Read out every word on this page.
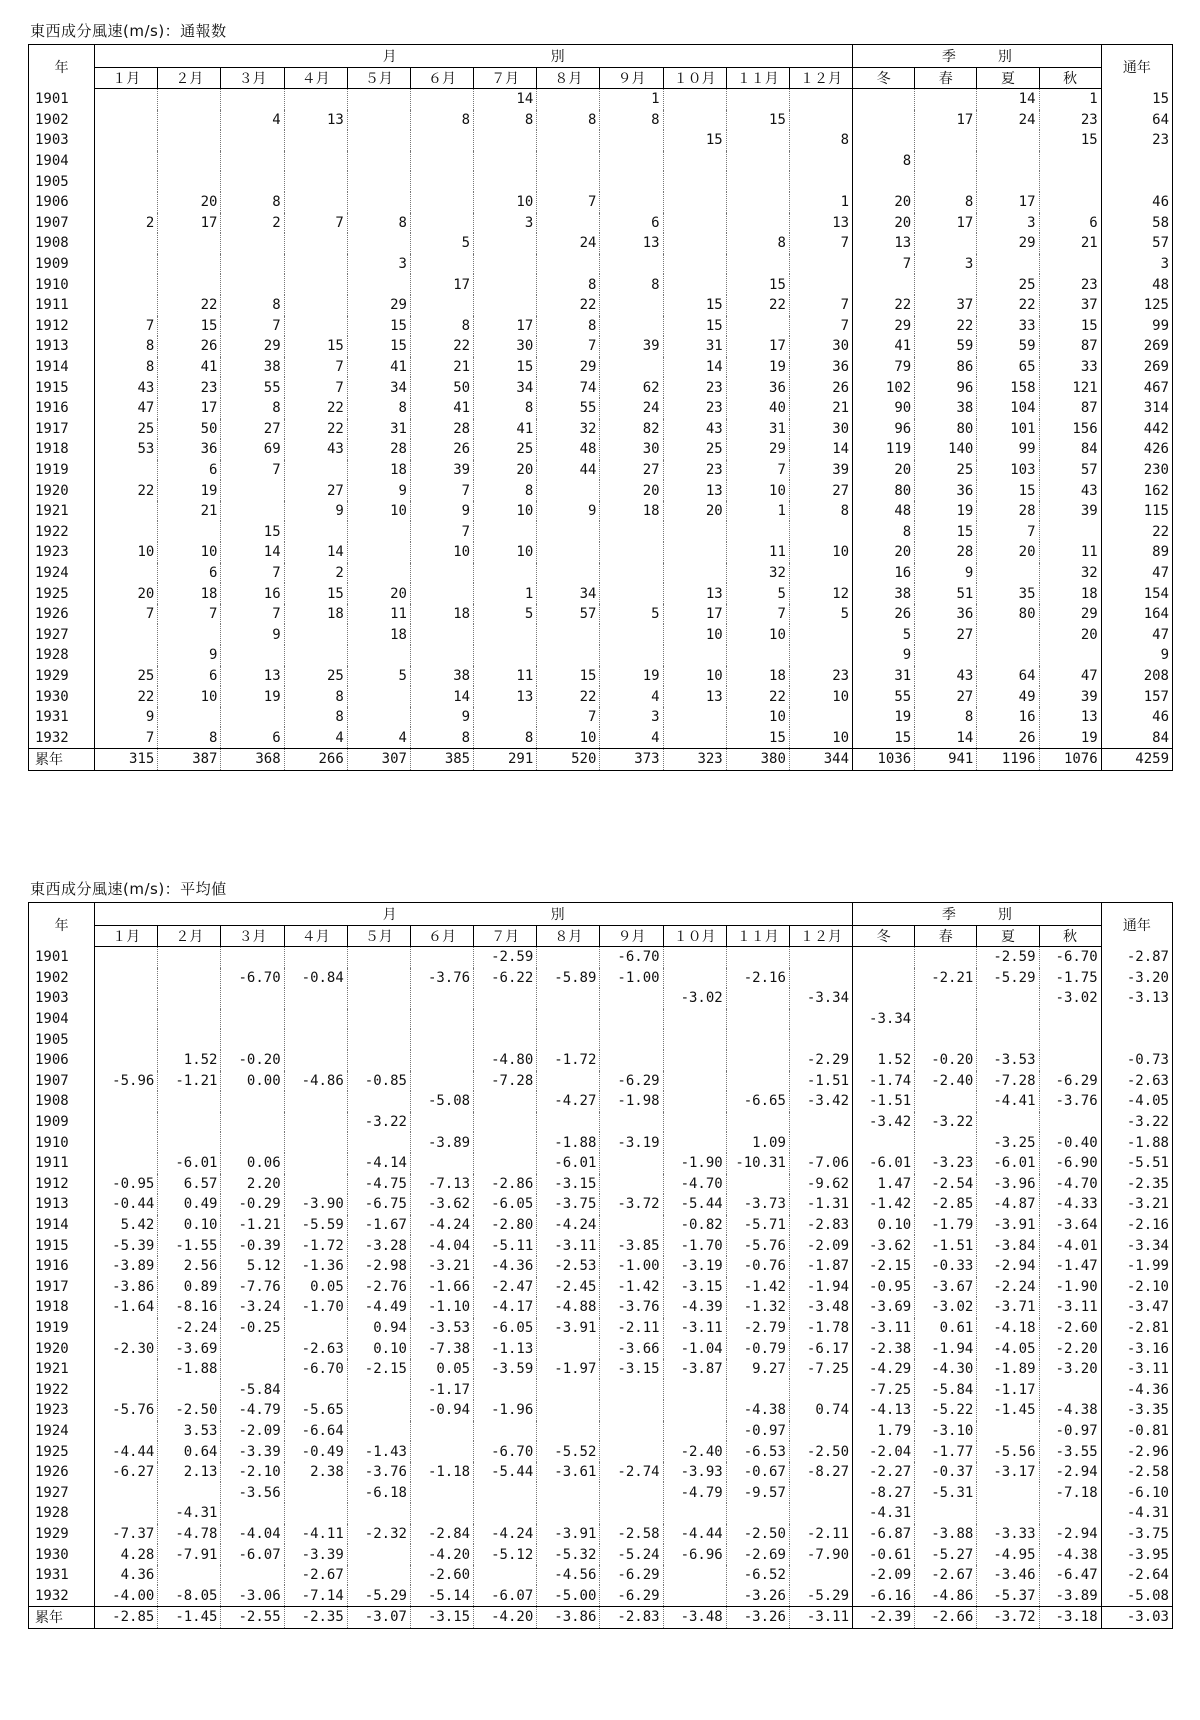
東西成分風速(m/s)：通報数
年	月　　　　　　　　　　　別												季　　　別				通年
	１月	２月	３月	４月	５月	６月	７月	８月	９月	１０月	１１月	１２月	冬	春	夏	秋	
1901							14		1						14	1	15
1902			4	13		8	8	8	8		15			17	24	23	64
1903										15		8				15	23
1904													8				
1905																	
1906		20	8				10	7				1	20	8	17		46
1907	2	17	2	7	8		3		6			13	20	17	3	6	58
1908						5		24	13		8	7	13		29	21	57
1909					3								7	3			3
1910						17		8	8		15				25	23	48
1911		22	8		29			22		15	22	7	22	37	22	37	125
1912	7	15	7		15	8	17	8		15		7	29	22	33	15	99
1913	8	26	29	15	15	22	30	7	39	31	17	30	41	59	59	87	269
1914	8	41	38	7	41	21	15	29		14	19	36	79	86	65	33	269
1915	43	23	55	7	34	50	34	74	62	23	36	26	102	96	158	121	467
1916	47	17	8	22	8	41	8	55	24	23	40	21	90	38	104	87	314
1917	25	50	27	22	31	28	41	32	82	43	31	30	96	80	101	156	442
1918	53	36	69	43	28	26	25	48	30	25	29	14	119	140	99	84	426
1919		6	7		18	39	20	44	27	23	7	39	20	25	103	57	230
1920	22	19		27	9	7	8		20	13	10	27	80	36	15	43	162
1921		21		9	10	9	10	9	18	20	1	8	48	19	28	39	115
1922			15			7							8	15	7		22
1923	10	10	14	14		10	10				11	10	20	28	20	11	89
1924		6	7	2							32		16	9		32	47
1925	20	18	16	15	20		1	34		13	5	12	38	51	35	18	154
1926	7	7	7	18	11	18	5	57	5	17	7	5	26	36	80	29	164
1927			9		18					10	10		5	27		20	47
1928		9											9				9
1929	25	6	13	25	5	38	11	15	19	10	18	23	31	43	64	47	208
1930	22	10	19	8		14	13	22	4	13	22	10	55	27	49	39	157
1931	9			8		9		7	3		10		19	8	16	13	46
1932	7	8	6	4	4	8	8	10	4		15	10	15	14	26	19	84
累年	315	387	368	266	307	385	291	520	373	323	380	344	1036	941	1196	1076	4259
東西成分風速(m/s)：平均値
年	月　　　　　　　　　　　別												季　　　別				通年
	１月	２月	３月	４月	５月	６月	７月	８月	９月	１０月	１１月	１２月	冬	春	夏	秋	
1901							-2.59		-6.70						-2.59	-6.70	-2.87
1902			-6.70	-0.84		-3.76	-6.22	-5.89	-1.00		-2.16			-2.21	-5.29	-1.75	-3.20
1903										-3.02		-3.34				-3.02	-3.13
1904													-3.34				
1905																	
1906		1.52	-0.20				-4.80	-1.72				-2.29	1.52	-0.20	-3.53		-0.73
1907	-5.96	-1.21	0.00	-4.86	-0.85		-7.28		-6.29			-1.51	-1.74	-2.40	-7.28	-6.29	-2.63
1908						-5.08		-4.27	-1.98		-6.65	-3.42	-1.51		-4.41	-3.76	-4.05
1909					-3.22								-3.42	-3.22			-3.22
1910						-3.89		-1.88	-3.19		1.09				-3.25	-0.40	-1.88
1911		-6.01	0.06		-4.14			-6.01		-1.90	-10.31	-7.06	-6.01	-3.23	-6.01	-6.90	-5.51
1912	-0.95	6.57	2.20		-4.75	-7.13	-2.86	-3.15		-4.70		-9.62	1.47	-2.54	-3.96	-4.70	-2.35
1913	-0.44	0.49	-0.29	-3.90	-6.75	-3.62	-6.05	-3.75	-3.72	-5.44	-3.73	-1.31	-1.42	-2.85	-4.87	-4.33	-3.21
1914	5.42	0.10	-1.21	-5.59	-1.67	-4.24	-2.80	-4.24		-0.82	-5.71	-2.83	0.10	-1.79	-3.91	-3.64	-2.16
1915	-5.39	-1.55	-0.39	-1.72	-3.28	-4.04	-5.11	-3.11	-3.85	-1.70	-5.76	-2.09	-3.62	-1.51	-3.84	-4.01	-3.34
1916	-3.89	2.56	5.12	-1.36	-2.98	-3.21	-4.36	-2.53	-1.00	-3.19	-0.76	-1.87	-2.15	-0.33	-2.94	-1.47	-1.99
1917	-3.86	0.89	-7.76	0.05	-2.76	-1.66	-2.47	-2.45	-1.42	-3.15	-1.42	-1.94	-0.95	-3.67	-2.24	-1.90	-2.10
1918	-1.64	-8.16	-3.24	-1.70	-4.49	-1.10	-4.17	-4.88	-3.76	-4.39	-1.32	-3.48	-3.69	-3.02	-3.71	-3.11	-3.47
1919		-2.24	-0.25		0.94	-3.53	-6.05	-3.91	-2.11	-3.11	-2.79	-1.78	-3.11	0.61	-4.18	-2.60	-2.81
1920	-2.30	-3.69		-2.63	0.10	-7.38	-1.13		-3.66	-1.04	-0.79	-6.17	-2.38	-1.94	-4.05	-2.20	-3.16
1921		-1.88		-6.70	-2.15	0.05	-3.59	-1.97	-3.15	-3.87	9.27	-7.25	-4.29	-4.30	-1.89	-3.20	-3.11
1922			-5.84			-1.17							-7.25	-5.84	-1.17		-4.36
1923	-5.76	-2.50	-4.79	-5.65		-0.94	-1.96				-4.38	0.74	-4.13	-5.22	-1.45	-4.38	-3.35
1924		3.53	-2.09	-6.64							-0.97		1.79	-3.10		-0.97	-0.81
1925	-4.44	0.64	-3.39	-0.49	-1.43		-6.70	-5.52		-2.40	-6.53	-2.50	-2.04	-1.77	-5.56	-3.55	-2.96
1926	-6.27	2.13	-2.10	2.38	-3.76	-1.18	-5.44	-3.61	-2.74	-3.93	-0.67	-8.27	-2.27	-0.37	-3.17	-2.94	-2.58
1927			-3.56		-6.18					-4.79	-9.57		-8.27	-5.31		-7.18	-6.10
1928		-4.31											-4.31				-4.31
1929	-7.37	-4.78	-4.04	-4.11	-2.32	-2.84	-4.24	-3.91	-2.58	-4.44	-2.50	-2.11	-6.87	-3.88	-3.33	-2.94	-3.75
1930	4.28	-7.91	-6.07	-3.39		-4.20	-5.12	-5.32	-5.24	-6.96	-2.69	-7.90	-0.61	-5.27	-4.95	-4.38	-3.95
1931	4.36			-2.67		-2.60		-4.56	-6.29		-6.52		-2.09	-2.67	-3.46	-6.47	-2.64
1932	-4.00	-8.05	-3.06	-7.14	-5.29	-5.14	-6.07	-5.00	-6.29		-3.26	-5.29	-6.16	-4.86	-5.37	-3.89	-5.08
累年	-2.85	-1.45	-2.55	-2.35	-3.07	-3.15	-4.20	-3.86	-2.83	-3.48	-3.26	-3.11	-2.39	-2.66	-3.72	-3.18	-3.03
